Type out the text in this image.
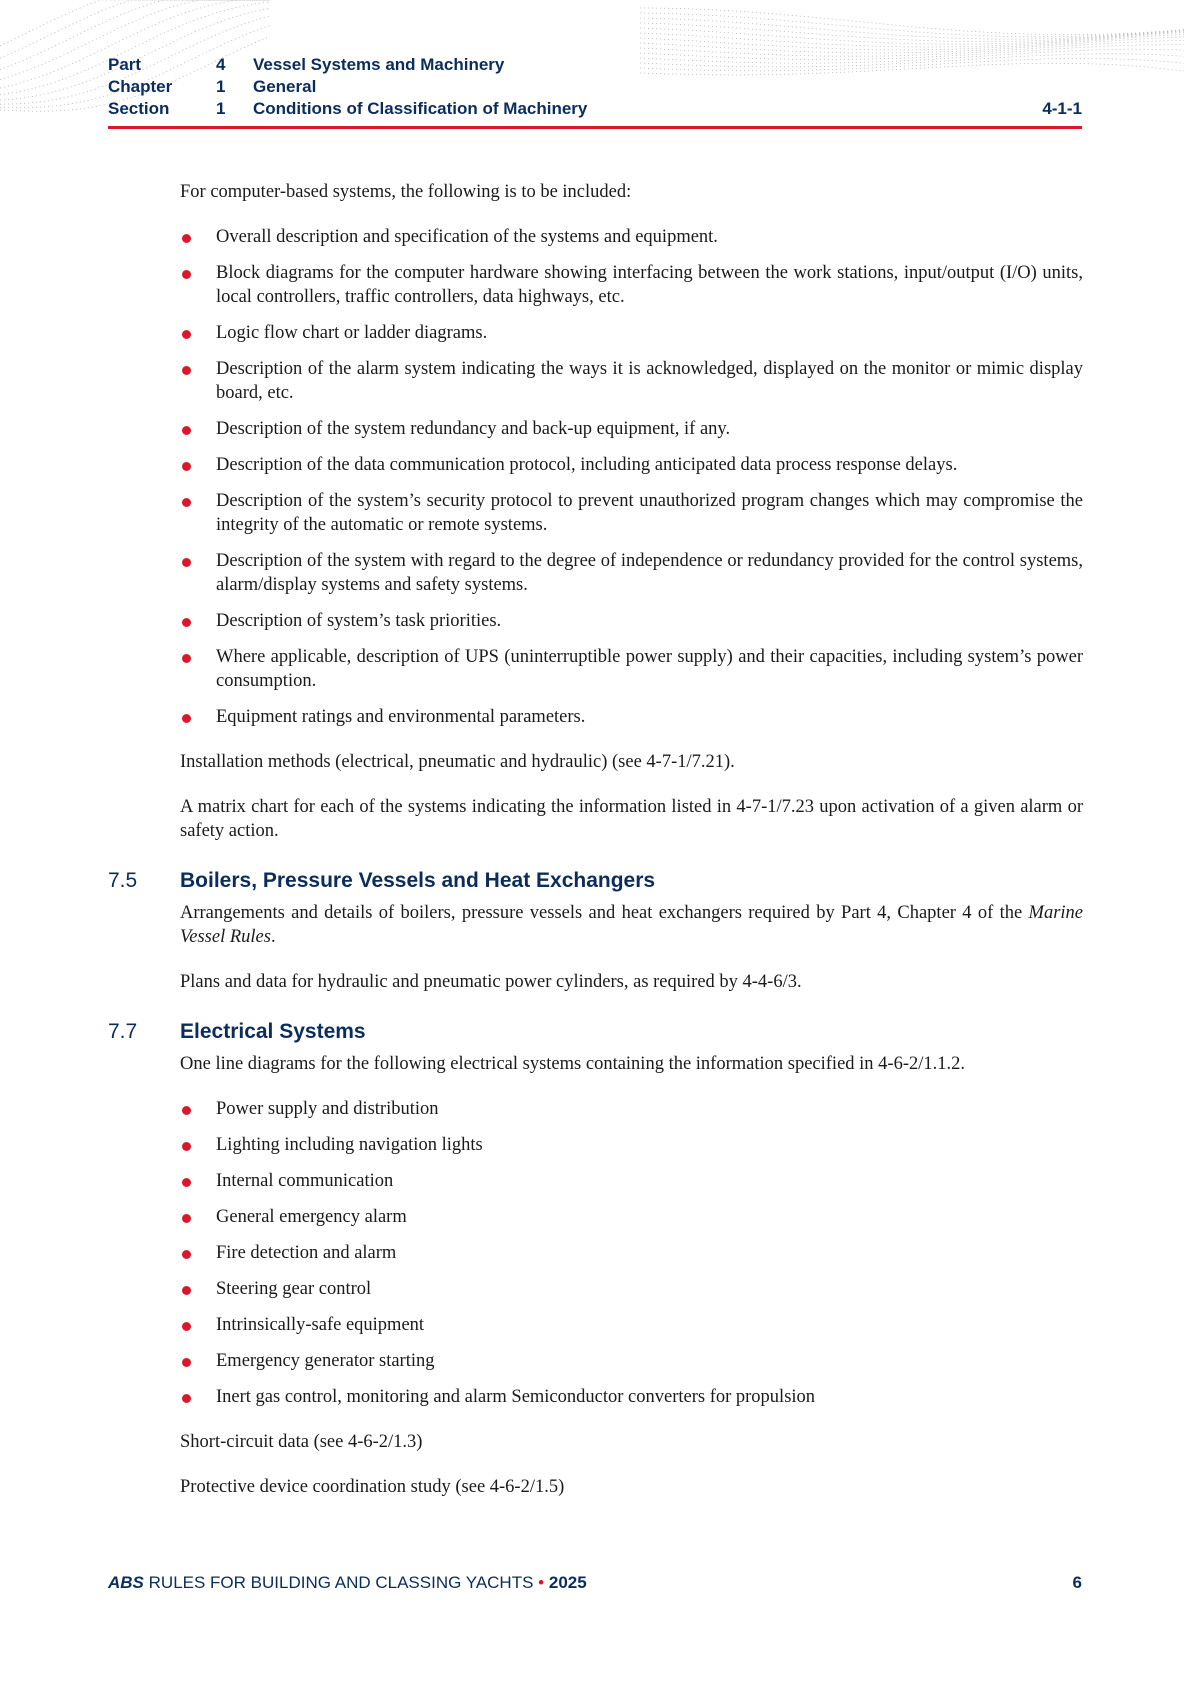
Part	4	Vessel Systems and Machinery
Chapter	1	General
Section	1	Conditions of Classification of Machinery	4-1-1

For computer-based systems, the following is to be included:

Overall description and specification of the systems and equipment.
Block diagrams for the computer hardware showing interfacing between the work stations, input/output (I/O) units, local controllers, traffic controllers, data highways, etc.
Logic flow chart or ladder diagrams.
Description of the alarm system indicating the ways it is acknowledged, displayed on the monitor or mimic display board, etc.
Description of the system redundancy and back-up equipment, if any.
Description of the data communication protocol, including anticipated data process response delays.
Description of the system’s security protocol to prevent unauthorized program changes which may compromise the integrity of the automatic or remote systems.
Description of the system with regard to the degree of independence or redundancy provided for the control systems, alarm/display systems and safety systems.
Description of system’s task priorities.
Where applicable, description of UPS (uninterruptible power supply) and their capacities, including system’s power consumption.
Equipment ratings and environmental parameters.

Installation methods (electrical, pneumatic and hydraulic) (see 4-7-1/7.21).

A matrix chart for each of the systems indicating the information listed in 4-7-1/7.23 upon activation of a given alarm or safety action.

7.5 Boilers, Pressure Vessels and Heat Exchangers

Arrangements and details of boilers, pressure vessels and heat exchangers required by Part 4, Chapter 4 of the Marine Vessel Rules.

Plans and data for hydraulic and pneumatic power cylinders, as required by 4-4-6/3.

7.7 Electrical Systems

One line diagrams for the following electrical systems containing the information specified in 4-6-2/1.1.2.

Power supply and distribution
Lighting including navigation lights
Internal communication
General emergency alarm
Fire detection and alarm
Steering gear control
Intrinsically-safe equipment
Emergency generator starting
Inert gas control, monitoring and alarm Semiconductor converters for propulsion

Short-circuit data (see 4-6-2/1.3)

Protective device coordination study (see 4-6-2/1.5)

ABS RULES FOR BUILDING AND CLASSING YACHTS • 2025	6
